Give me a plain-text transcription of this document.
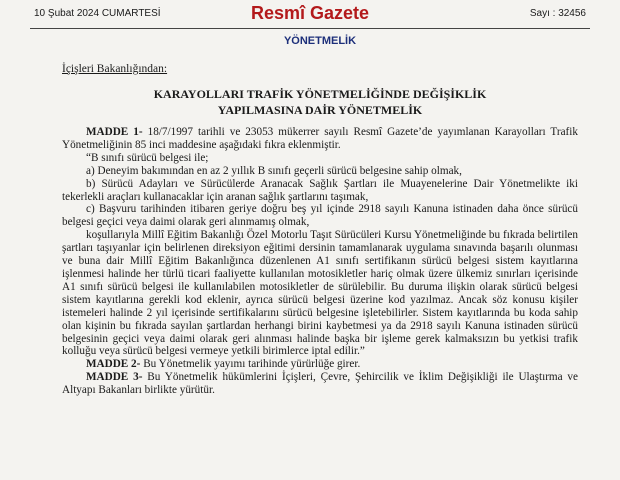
10 Şubat 2024 CUMARTESİ	Resmî Gazete	Sayı : 32456
YÖNETMELİK
İçişleri Bakanlığından:
KARAYOLLARI TRAFİK YÖNETMELİĞİNDE DEĞİŞİKLİK
YAPILMASINA DAİR YÖNETMELİK

MADDE 1- 18/7/1997 tarihli ve 23053 mükerrer sayılı Resmî Gazete’de yayımlanan Karayolları Trafik Yönetmeliğinin 85 inci maddesine aşağıdaki fıkra eklenmiştir.

“B sınıfı sürücü belgesi ile;

a) Deneyim bakımından en az 2 yıllık B sınıfı geçerli sürücü belgesine sahip olmak,

b) Sürücü Adayları ve Sürücülerde Aranacak Sağlık Şartları ile Muayenelerine Dair Yönetmelikte iki tekerlekli araçları kullanacaklar için aranan sağlık şartlarını taşımak,

c) Başvuru tarihinden itibaren geriye doğru beş yıl içinde 2918 sayılı Kanuna istinaden daha önce sürücü belgesi geçici veya daimi olarak geri alınmamış olmak,

koşullarıyla Millî Eğitim Bakanlığı Özel Motorlu Taşıt Sürücüleri Kursu Yönetmeliğinde bu fıkrada belirtilen şartları taşıyanlar için belirlenen direksiyon eğitimi dersinin tamamlanarak uygulama sınavında başarılı olunması ve buna dair Millî Eğitim Bakanlığınca düzenlenen A1 sınıfı sertifikanın sürücü belgesi sistem kayıtlarına işlenmesi halinde her türlü ticari faaliyette kullanılan motosikletler hariç olmak üzere ülkemiz sınırları içerisinde A1 sınıfı sürücü belgesi ile kullanılabilen motosikletler de sürülebilir. Bu duruma ilişkin olarak sürücü belgesi sistem kayıtlarına gerekli kod eklenir, ayrıca sürücü belgesi üzerine kod yazılmaz. Ancak söz konusu kişiler istemeleri halinde 2 yıl içerisinde sertifikalarını sürücü belgesine işletebilirler. Sistem kayıtlarında bu koda sahip olan kişinin bu fıkrada sayılan şartlardan herhangi birini kaybetmesi ya da 2918 sayılı Kanuna istinaden sürücü belgesinin geçici veya daimi olarak geri alınması halinde başka bir işleme gerek kalmaksızın bu yetkisi trafik kolluğu veya sürücü belgesi vermeye yetkili birimlerce iptal edilir.”

MADDE 2- Bu Yönetmelik yayımı tarihinde yürürlüğe girer.

MADDE 3- Bu Yönetmelik hükümlerini İçişleri, Çevre, Şehircilik ve İklim Değişikliği ile Ulaştırma ve Altyapı Bakanları birlikte yürütür.
